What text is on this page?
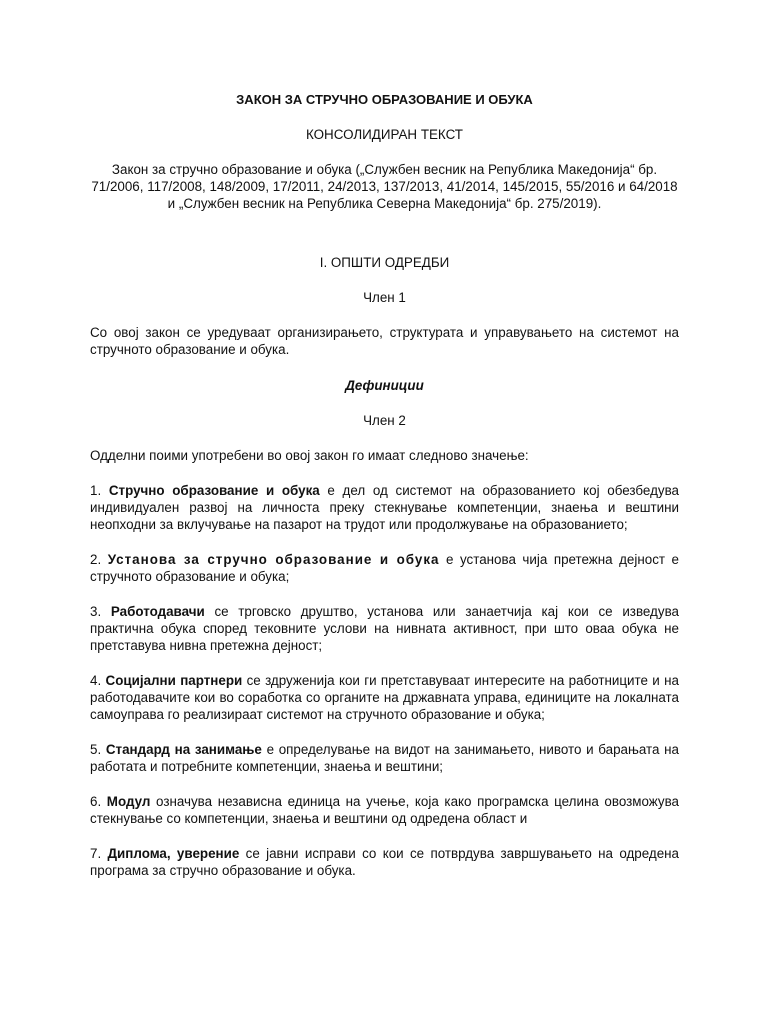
ЗАКОН ЗА СТРУЧНО ОБРАЗОВАНИЕ И ОБУКА

КОНСОЛИДИРАН ТЕКСТ

Закон за стручно образование и обука („Службен весник на Република Македонија“ бр. 71/2006, 117/2008, 148/2009, 17/2011, 24/2013, 137/2013, 41/2014, 145/2015, 55/2016 и 64/2018 и „Службен весник на Република Северна Македонија“ бр. 275/2019).

I. ОПШТИ ОДРЕДБИ

Член 1

Со овој закон се уредуваат организирањето, структурата и управувањето на системот на стручното образование и обука.

Дефиниции

Член 2

Одделни поими употребени во овој закон го имаат следново значење:

1. Стручно образование и обука е дел од системот на образованието кој обезбедува индивидуален развој на личноста преку стекнување компетенции, знаења и вештини неопходни за вклучување на пазарот на трудот или продолжување на образованието;

2. Установа за стручно образование и обука е установа чија претежна дејност е стручното образование и обука;

3. Работодавачи се трговско друштво, установа или занаетчија кај кои се изведува практична обука според тековните услови на нивната активност, при што оваа обука не претставува нивна претежна дејност;

4. Социјални партнери се здруженија кои ги претставуваат интересите на работниците и на работодавачите кои во соработка со органите на државната управа, единиците на локалната самоуправа го реализираат системот на стручното образование и обука;

5. Стандард на занимање е определување на видот на занимањето, нивото и барањата на работата и потребните компетенции, знаења и вештини;

6. Модул означува независна единица на учење, која како програмска целина овозможува стекнување со компетенции, знаења и вештини од одредена област и

7. Диплома, уверение се јавни исправи со кои се потврдува завршувањето на одредена програма за стручно образование и обука.
